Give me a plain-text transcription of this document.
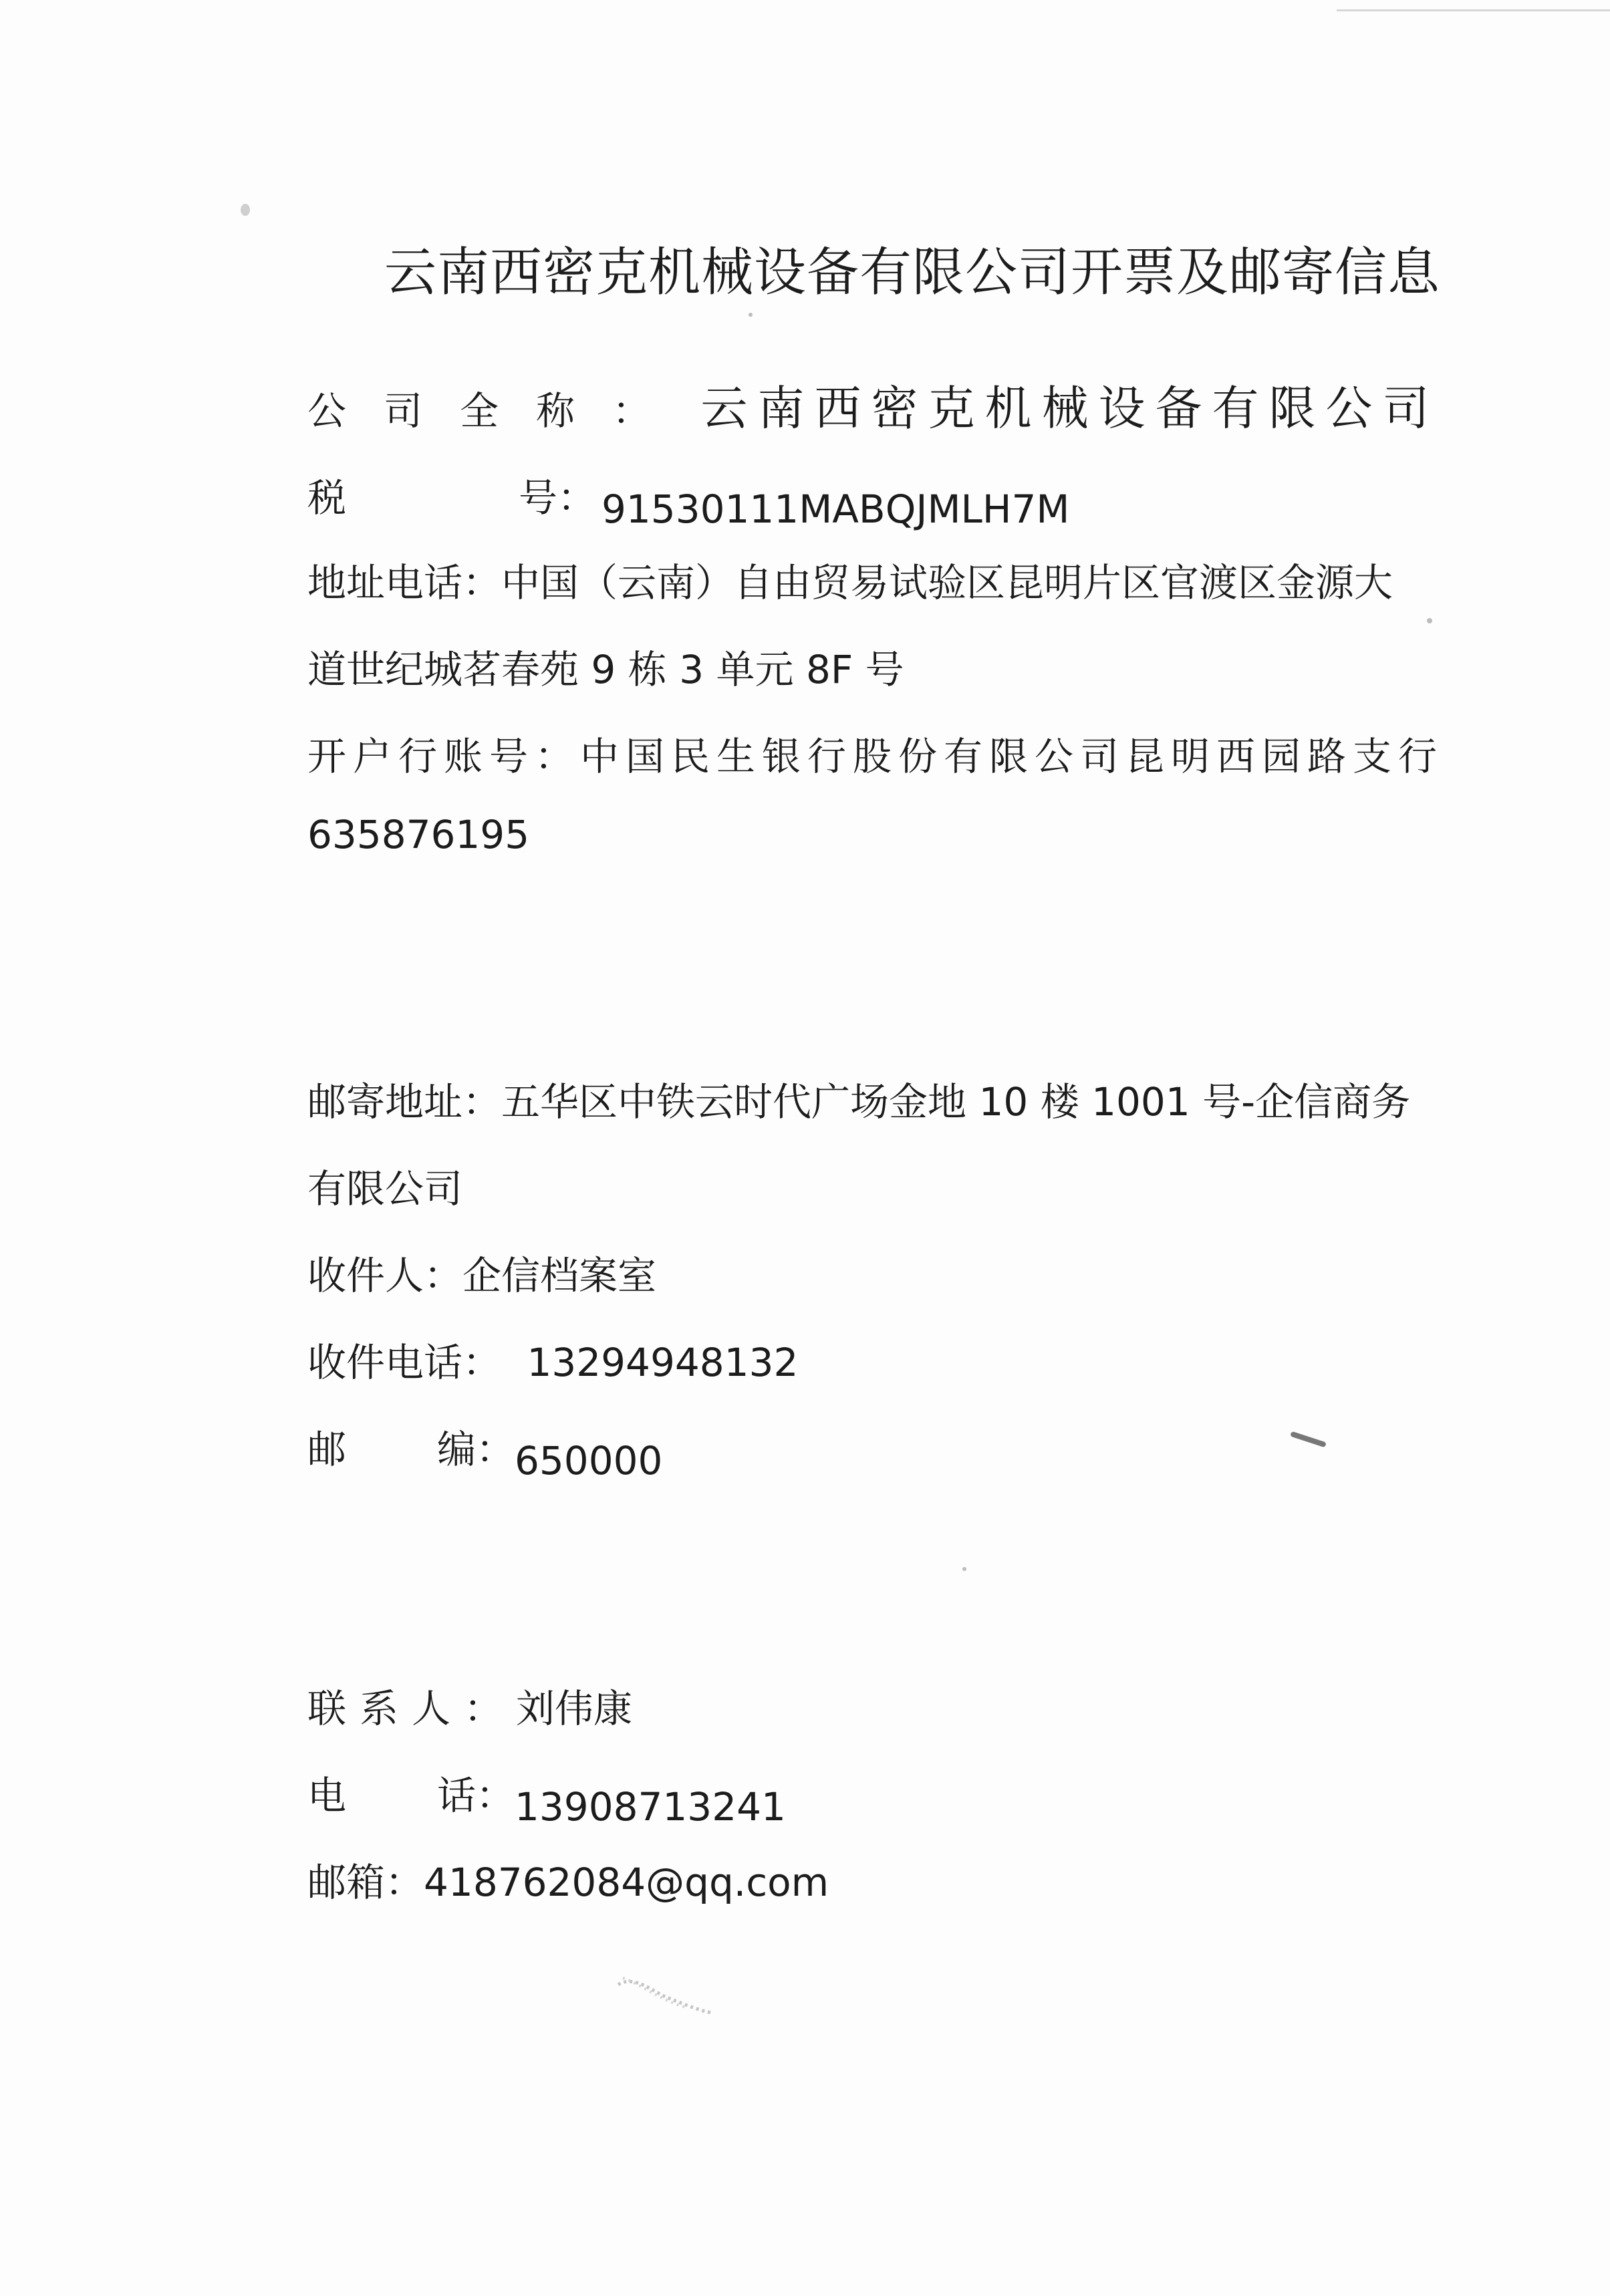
云南西密克机械设备有限公司开票及邮寄信息
公司全称： 云南西密克机械设备有限公司
税	号： 91530111MABQJMLH7M
地址电话：中国（云南）自由贸易试验区昆明片区官渡区金源大
道世纪城茗春苑 9 栋 3 单元 8F 号
开户行账号：中国民生银行股份有限公司昆明西园路支行
635876195
邮寄地址：五华区中铁云时代广场金地 10 楼 1001 号-企信商务
有限公司
收件人：企信档案室
收件电话： 13294948132
邮 编： 650000
联系人：刘伟康
电 话： 13908713241
邮箱：418762084@qq.com
